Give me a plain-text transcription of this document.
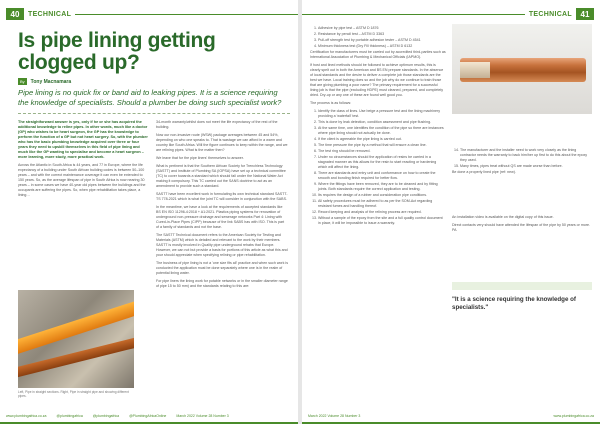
40	TECHNICAL
Is pipe lining getting clogged up?
By	Tony Macnamara
Pipe lining is no quick fix or band aid to leaking pipes. It is a science requiring the knowledge of specialists. Should a plumber be doing such specialist work?

The straightforward answer is yes, only if he or she has acquired the additional knowledge to reline pipes. In other words, much like a doctor (GP) who wishes to be heart surgeon, the GP has the knowledge to perform the function of a GP but not heart surgery. So, with the plumber who has the basic plumbing knowledge acquired over three or four years they need to upskill themselves in this field of pipe lining and much like the GP wanting to specialise and become a heart surgeon – more learning, more study, more practical work.

Across the Atlantic in South Africa is 44 years, and 77 in Europe, where the life expectancy of a building under South African building codes is between 50–100 years – and with the correct maintenance coverage it can even be extended to 150 years. So, as the average lifespan of pipe in South Africa is now nearing 30 years – in some cases we have 40-year old pipes between the buildings and the occupants are suffering the pipes. So, when pipe rehabilitation takes place, a lining…

Left, Pipe in straight sections. Right, Pipe in straight pipe and showing different pipes.

34-month warranty/whilst does not meet the life expectancy of the rest of the building.

Now our non-invasive route (WSW) package averages between 45 and 54%, depending on who one speaks to. That is wastage we can afford in a warm and country like South Africa. Will the figure continues to keep within the range, and we are relining pipes. What is the matter then?

We leave that for the pipe liners' themselves to answer.

What is pertinent is that the Southern African Society for Trenchless Technology (SASTT) and Institute of Plumbing SA (IOPSA) have set up a technical committee (TC) to cover towards a standard which should fall under the National Water Act making it compulsory. This TC carried out the SANS doctrine to act as an amendment to provide such a standard.

SASTT have been excellent work in formulating its own technical standard SASTT-TS 778-2021 which is what the joint TC will consider in conjunction with the SABS.

In the meantime, we have a look at the requirements of accepted standards like BS EN ISO 11296-4:2018 + A1:2021. Plastics piping systems for renovation of underground non-pressure drainage and sewerage networks Part 4: Lining with Cured-in-Place Pipes (CIPP) because of the link SABS has with ISO. This is part of a family of standards and not the base.

The SASTT Technical document refers to the American Society for Testing and Materials (ASTM) which is detailed and relevant to the work by their members. SASTT is mostly involved in Quality pipe underground rehabs that Europe. However, we can not but provide a basis for portions of this article as what this and your should appreciate when specifying relining or pipe rehabilitation.

The business of pipe lining is not a 'one size fits all' practice and when such work is conducted the application must be done separately where one is in the realm of potential lining water.

For pipe liners the lining work for potable networks or in the smaller diameter range of pipe 15 to 50 mm) and the standards relating to this are:

www.plumbingafrica.co.za	@plumbingafrica	@plumbingafrica	@PlumbingAfricaOnline	March 2022 Volume 28 Number 3
TECHNICAL	41
1. Adhesive by pipe test – ASTM D 1876
2. Resistance by pencil test – ASTM D 3363
3. Pull-off strength test by portable adhesion tester – ASTM D 4541
4. Minimum thickness test (Dry Fill thickness) – ASTM D 6132

Certification for manufacturers must be carried out by accredited third-parties such as International Association of Plumbing & Mechanical Officials (IAPMO).

If host and lined methods should be followed to achieve optimum results, this is clearly spelt out in both the American and BS EN prepare standards. In the absence of local standards and the desire to deliver a complete job those standards are the best we have. Local training does so and the job why do we continue to train those that are giving plumbing a poor name? The primary requirement for a successful lining job is that the pipe (excluding HDPE) must cleaned, prepared, and completely dried. Dry-up or any one of these are found well good you.

The process is as follows:

1. Identify the class of lines. Use beige a pressure test and the lining machinery providing a 'waterfall' test.
2. This is done by leak detection, condition assessment and pipe flushing.
3. At the same time, one identifies the condition of the pipe so there are instances where pipe lining should not actually be done.
4. If the client is agreeable the pipe lining is carried out.
5. The time pressure the pipe by a method that will ensure a clean line.
6. The test ring should be removed.
7. Under no circumstances should the application of resins be carried in a stagnated manner as this allows for the resin to start reacting or hardening which will affect the lining.
8. There are standards and entry unit and conformance on how to create the smooth and bonding finish required for better flow.
9. Where the fittings have been removed, they are to be cleaned and by fitting joints. Both standards require the correct application and testing.
10. Its requires the design of a rubber and consideration pipe conditions.
11. All safety procedures must be adhered to as per the SOM-Act regarding resistant fumes and handling thereof.
12. Record keeping and analysis of the relining process are required.
13. Without a sample of the epoxy from the site and a full quality control document in place, it will be impossible to issue a warranty.
14. The manufacturer and the installer need to work very closely as the lining contractor needs the warranty to back him/her up first to do this about the epoxy they used.
15. Many times, pipes treat without QS are made worse than before.

Be done a properly lined pipe (ref: new).

An installation video is available on the digital copy of this issue.

Direct contacts very should have attended the lifespan of the pipe by 50 years or more. PA

"It is a science requiring the knowledge of specialists."
March 2022 Volume 28 Number 3	www.plumbingafrica.co.za
